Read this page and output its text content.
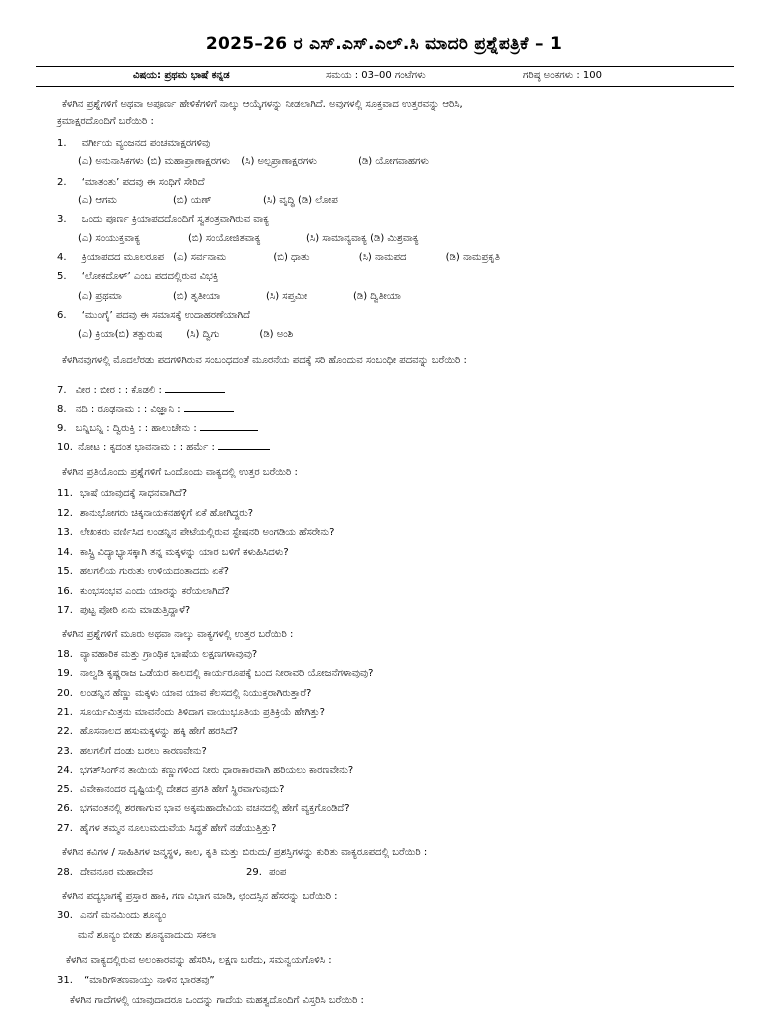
2025–26 ರ ಎಸ್.ಎಸ್.ಎಲ್.ಸಿ ಮಾದರಿ ಪ್ರಶ್ನೆಪತ್ರಿಕೆ – 1
ವಿಷಯ: ಪ್ರಥಮ ಭಾಷೆ ಕನ್ನಡ	ಸಮಯ : 03–00 ಗಂಟೆಗಳು	ಗರಿಷ್ಠ ಅಂಕಗಳು : 100
ಕೆಳಗಿನ ಪ್ರಶ್ನೆಗಳಿಗೆ ಅಥವಾ ಅಪೂರ್ಣ ಹೇಳಿಕೆಗಳಿಗೆ ನಾಲ್ಕು ಆಯ್ಕೆಗಳನ್ನು ನೀಡಲಾಗಿದೆ. ಅವುಗಳಲ್ಲಿ ಸೂಕ್ತವಾದ ಉತ್ತರವನ್ನು ಆರಿಸಿ,
ಕ್ರಮಾಕ್ಷರದೊಂದಿಗೆ ಬರೆಯಿರಿ :
1. ವರ್ಗೀಯ ವ್ಯಂಜನದ ಪಂಚಮಾಕ್ಷರಗಳಿವು
(ಎ) ಅನುನಾಸಿಕಗಳು (ಬಿ) ಮಹಾಪ್ರಾಣಾಕ್ಷರಗಳು (ಸಿ) ಅಲ್ಪಪ್ರಾಣಾಕ್ಷರಗಳು	(ಡಿ) ಯೋಗವಾಹಗಳು
2. ‘ಮಾತಂತು’ ಪದವು ಈ ಸಂಧಿಗೆ ಸೇರಿದೆ
(ಎ) ಆಗಮ	(ಬಿ) ಯಣ್	(ಸಿ) ವೃದ್ಧಿ (ಡಿ) ಲೋಪ
3. ಒಂದು ಪೂರ್ಣ ಕ್ರಿಯಾಪದದೊಂದಿಗೆ ಸ್ವತಂತ್ರವಾಗಿರುವ ವಾಕ್ಯ
(ಎ) ಸಂಯುಕ್ತವಾಕ್ಯ	(ಬಿ) ಸಂಯೋಜಿತವಾಕ್ಯ	(ಸಿ) ಸಾಮಾನ್ಯವಾಕ್ಯ (ಡಿ) ಮಿಶ್ರವಾಕ್ಯ
4. ಕ್ರಿಯಾಪದದ ಮೂಲರೂಪ (ಎ) ಸರ್ವನಾಮ	(ಬಿ) ಧಾತು	(ಸಿ) ನಾಮಪದ	(ಡಿ) ನಾಮಪ್ರಕೃತಿ
5. ‘ಲೋಕದೊಳ್’ ಎಂಬ ಪದದಲ್ಲಿರುವ ವಿಭಕ್ತಿ
(ಎ) ಪ್ರಥಮಾ	(ಬಿ) ತೃತೀಯಾ	(ಸಿ) ಸಪ್ತಮೀ	(ಡಿ) ದ್ವಿತೀಯಾ
6. ‘ಮುಂಗೈ’ ಪದವು ಈ ಸಮಾಸಕ್ಕೆ ಉದಾಹರಣೆಯಾಗಿದೆ
(ಎ) ಕ್ರಿಯಾ(ಬಿ) ತತ್ಪುರುಷ (ಸಿ) ದ್ವಿಗು	(ಡಿ) ಅಂಶಿ
ಕೆಳಗಿನವುಗಳಲ್ಲಿ ಮೊದಲೆರಡು ಪದಗಳಿಗಿರುವ ಸಂಬಂಧದಂತೆ ಮೂರನೆಯ ಪದಕ್ಕೆ ಸರಿ ಹೊಂದುವ ಸಂಬಂಧೀ ಪದವನ್ನು ಬರೆಯಿರಿ :
7. ವೀರ : ಬೀರ : : ಕೊಡಲಿ :
8. ನದಿ : ರೂಢನಾಮ : : ವಿಜ್ಞಾನಿ :
9. ಬನ್ನಿಬನ್ನಿ : ದ್ವಿರುಕ್ತಿ : : ಹಾಲುಜೇನು :
10. ನೋಟ : ಕೃದಂತ ಭಾವನಾಮ : : ಹರ್ಮೆ :
ಕೆಳಗಿನ ಪ್ರತಿಯೊಂದು ಪ್ರಶ್ನೆಗಳಿಗೆ ಒಂದೊಂದು ವಾಕ್ಯದಲ್ಲಿ ಉತ್ತರ ಬರೆಯಿರಿ :
11. ಭಾಷೆ ಯಾವುದಕ್ಕೆ ಸಾಧನವಾಗಿದೆ?
12. ಶಾನುಭೋಗರು ಚಿಕ್ಕನಾಯಕನಹಳ್ಳಿಗೆ ಏಕೆ ಹೋಗಿದ್ದರು?
13. ಲೇಖಕರು ವರ್ಣಿಸಿದ ಲಂಡನ್ನಿನ ಪೇಟೆಯಲ್ಲಿರುವ ಸ್ಟೇಷನರಿ ಅಂಗಡಿಯ ಹೆಸರೇನು?
14. ಕಾಸ್ಟ್ರಿ ವಿದ್ಯಾಭ್ಯಾಸಕ್ಕಾಗಿ ತನ್ನ ಮಕ್ಕಳನ್ನು ಯಾರ ಬಳಿಗೆ ಕಳುಹಿಸಿದಳು?
15. ಹಲಗಲಿಯ ಗುರುತು ಉಳಿಯದಂತಾದದು ಏಕೆ?
16. ಕುಂಭಸಂಭವ ಎಂದು ಯಾರನ್ನು ಕರೆಯಲಾಗಿದೆ?
17. ಪುಟ್ಟ ಪೋರಿ ಏನು ಮಾಡುತ್ತಿದ್ದಾಳೆ?
ಕೆಳಗಿನ ಪ್ರಶ್ನೆಗಳಿಗೆ ಮೂರು ಅಥವಾ ನಾಲ್ಕು ವಾಕ್ಯಗಳಲ್ಲಿ ಉತ್ತರ ಬರೆಯಿರಿ :
18. ವ್ಯಾವಹಾರಿಕ ಮತ್ತು ಗ್ರಾಂಥಿಕ ಭಾಷೆಯ ಲಕ್ಷಣಗಳಾವುವು?
19. ನಾಲ್ವಡಿ ಕೃಷ್ಣರಾಜ ಒಡೆಯರ ಕಾಲದಲ್ಲಿ ಕಾರ್ಯರೂಪಕ್ಕೆ ಬಂದ ನೀರಾವರಿ ಯೋಜನೆಗಳಾವುವು?
20. ಲಂಡನ್ನಿನ ಹೆಣ್ಣು ಮಕ್ಕಳು ಯಾವ ಯಾವ ಕೆಲಸದಲ್ಲಿ ನಿಯುಕ್ತರಾಗಿರುತ್ತಾರೆ?
21. ಸೂರ್ಯಮಿತ್ರನು ಮಾವನೆಂದು ತಿಳಿದಾಗ ವಾಯುಭೂತಿಯ ಪ್ರತಿಕ್ರಿಯೆ ಹೇಗಿತ್ತು?
22. ಹೊಸನಾಲದ ಹಸುಮಕ್ಕಳನ್ನು ಹಕ್ಕಿ ಹೇಗೆ ಹರಸಿದೆ?
23. ಹಲಗಲಿಗೆ ದಂಡು ಬರಲು ಕಾರಣವೇನು?
24. ಭಗತ್‌ಸಿಂಗ್‌ನ ತಾಯಿಯ ಕಣ್ಣುಗಳಿಂದ ನೀರು ಧಾರಾಕಾರವಾಗಿ ಹರಿಯಲು ಕಾರಣವೇನು?
25. ವಿವೇಕಾನಂದರ ದೃಷ್ಟಿಯಲ್ಲಿ ದೇಶದ ಪ್ರಗತಿ ಹೇಗೆ ಸ್ಥಿರವಾಗುವುದು?
26. ಭಗವಂತನಲ್ಲಿ ಶರಣಾಗುವ ಭಾವ ಅಕ್ಕಮಹಾದೇವಿಯ ವಚನದಲ್ಲಿ ಹೇಗೆ ವ್ಯಕ್ತಗೊಂಡಿದೆ?
27. ಹೈಗಳ ತಮ್ಮನ ನೂಲುಮದುವೆಯ ಸಿದ್ಧತೆ ಹೇಗೆ ನಡೆಯುತ್ತಿತ್ತು?
ಕೆಳಗಿನ ಕವಿಗಳ / ಸಾಹಿತಿಗಳ ಜನ್ಮಸ್ಥಳ, ಕಾಲ, ಕೃತಿ ಮತ್ತು ಬಿರುದು/ ಪ್ರಶಸ್ತಿಗಳನ್ನು ಕುರಿತು ವಾಕ್ಯರೂಪದಲ್ಲಿ ಬರೆಯಿರಿ :
28. ದೇವನೂರ ಮಹಾದೇವ	29. ಪಂಪ
ಕೆಳಗಿನ ಪದ್ಯಭಾಗಕ್ಕೆ ಪ್ರಸ್ತಾರ ಹಾಕಿ, ಗಣ ವಿಭಾಗ ಮಾಡಿ, ಛಂದಸ್ಸಿನ ಹೆಸರನ್ನು ಬರೆಯಿರಿ :
30. ಎನಗೆ ಮನಮಿಂದು ಶೂನ್ಯಂ
ಮನೆ ಶೂನ್ಯಂ ಬೀಡು ಶೂನ್ಯವಾದುದು ಸಕಲಾ
ಕೆಳಗಿನ ವಾಕ್ಯದಲ್ಲಿರುವ ಅಲಂಕಾರವನ್ನು ಹೆಸರಿಸಿ, ಲಕ್ಷಣ ಬರೆದು, ಸಮನ್ವಯಗೊಳಿಸಿ :
31. “ಮಾರಿಗೌತಣವಾಯ್ತು ನಾಳಿನ ಭಾರತವು”
ಕೆಳಗಿನ ಗಾದೆಗಳಲ್ಲಿ ಯಾವುದಾದರೂ ಒಂದನ್ನು ಗಾದೆಯ ಮಹತ್ವದೊಂದಿಗೆ ವಿಸ್ತರಿಸಿ ಬರೆಯಿರಿ :
